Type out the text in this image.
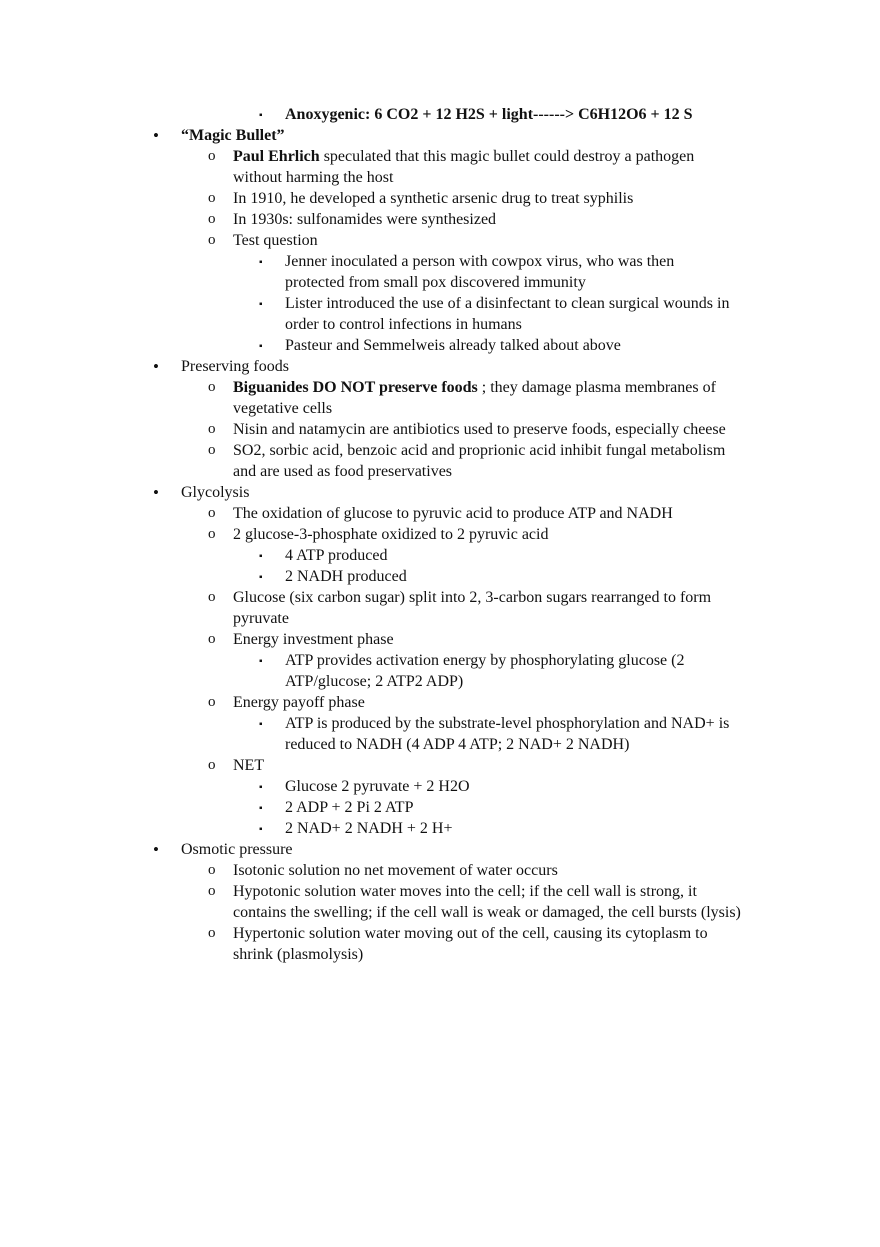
▪ Anoxygenic: 6 CO2 + 12 H2S + light------> C6H12O6 + 12 S
• “Magic Bullet”
o Paul Ehrlich speculated that this magic bullet could destroy a pathogen without harming the host
o In 1910, he developed a synthetic arsenic drug to treat syphilis
o In 1930s: sulfonamides were synthesized
o Test question
▪ Jenner inoculated a person with cowpox virus, who was then protected from small pox discovered immunity
▪ Lister introduced the use of a disinfectant to clean surgical wounds in order to control infections in humans
▪ Pasteur and Semmelweis already talked about above
• Preserving foods
o Biguanides DO NOT preserve foods ; they damage plasma membranes of vegetative cells
o Nisin and natamycin are antibiotics used to preserve foods, especially cheese
o SO2, sorbic acid, benzoic acid and proprionic acid inhibit fungal metabolism and are used as food preservatives
• Glycolysis
o The oxidation of glucose to pyruvic acid to produce ATP and NADH
o 2 glucose-3-phosphate oxidized to 2 pyruvic acid
▪ 4 ATP produced
▪ 2 NADH produced
o Glucose (six carbon sugar) split into 2, 3-carbon sugars rearranged to form pyruvate
o Energy investment phase
▪ ATP provides activation energy by phosphorylating glucose (2 ATP/glucose; 2 ATP2 ADP)
o Energy payoff phase
▪ ATP is produced by the substrate-level phosphorylation and NAD+ is reduced to NADH (4 ADP 4 ATP; 2 NAD+ 2 NADH)
o NET
▪ Glucose 2 pyruvate + 2 H2O
▪ 2 ADP + 2 Pi 2 ATP
▪ 2 NAD+ 2 NADH + 2 H+
• Osmotic pressure
o Isotonic solution no net movement of water occurs
o Hypotonic solution water moves into the cell; if the cell wall is strong, it contains the swelling; if the cell wall is weak or damaged, the cell bursts (lysis)
o Hypertonic solution water moving out of the cell, causing its cytoplasm to shrink (plasmolysis)
